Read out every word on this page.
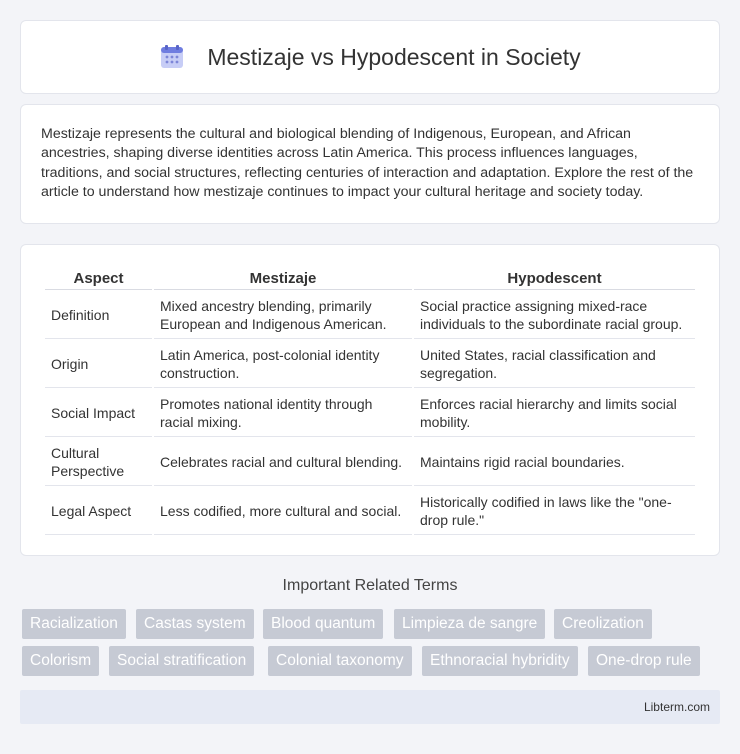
Mestizaje vs Hypodescent in Society

Mestizaje represents the cultural and biological blending of Indigenous, European, and African ancestries, shaping diverse identities across Latin America. This process influences languages, traditions, and social structures, reflecting centuries of interaction and adaptation. Explore the rest of the article to understand how mestizaje continues to impact your cultural heritage and society today.

Aspect	Mestizaje	Hypodescent
Definition	Mixed ancestry blending, primarily European and Indigenous American.	Social practice assigning mixed-race individuals to the subordinate racial group.
Origin	Latin America, post-colonial identity construction.	United States, racial classification and segregation.
Social Impact	Promotes national identity through racial mixing.	Enforces racial hierarchy and limits social mobility.
Cultural Perspective	Celebrates racial and cultural blending.	Maintains rigid racial boundaries.
Legal Aspect	Less codified, more cultural and social.	Historically codified in laws like the "one-drop rule."
Important Related Terms
Racialization	Castas system	Blood quantum	Limpieza de sangre	Creolization
Colorism	Social stratification	Colonial taxonomy	Ethnoracial hybridity	One-drop rule
Libterm.com
